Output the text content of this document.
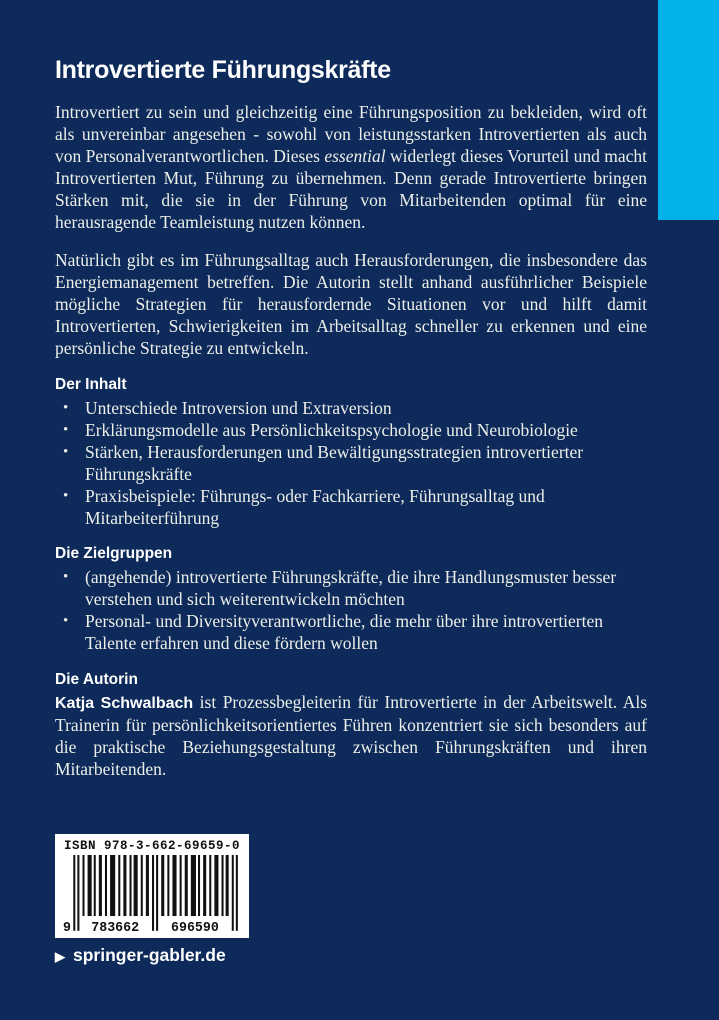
Introvertierte Führungskräfte

Introvertiert zu sein und gleichzeitig eine Führungsposition zu bekleiden, wird oft als unvereinbar angesehen - sowohl von leistungsstarken Introvertierten als auch von Personalverantwortlichen. Dieses essential widerlegt dieses Vorurteil und macht Introvertierten Mut, Führung zu übernehmen. Denn gerade Introvertierte bringen Stärken mit, die sie in der Führung von Mitarbeitenden optimal für eine herausragende Teamleistung nutzen können.

Natürlich gibt es im Führungsalltag auch Herausforderungen, die insbesondere das Energiemanagement betreffen. Die Autorin stellt anhand ausführlicher Beispiele mögliche Strategien für herausfordernde Situationen vor und hilft damit Introvertierten, Schwierigkeiten im Arbeitsalltag schneller zu erkennen und eine persönliche Strategie zu entwickeln.

Der Inhalt
• Unterschiede Introversion und Extraversion
• Erklärungsmodelle aus Persönlichkeitspsychologie und Neurobiologie
• Stärken, Herausforderungen und Bewältigungsstrategien introvertierter Führungskräfte
• Praxisbeispiele: Führungs- oder Fachkarriere, Führungsalltag und Mitarbeiterführung
Die Zielgruppen
• (angehende) introvertierte Führungskräfte, die ihre Handlungsmuster besser verstehen und sich weiterentwickeln möchten
• Personal- und Diversityverantwortliche, die mehr über ihre introvertierten Talente erfahren und diese fördern wollen
Die Autorin

Katja Schwalbach ist Prozessbegleiterin für Introvertierte in der Arbeitswelt. Als Trainerin für persönlichkeitsorientiertes Führen konzentriert sie sich besonders auf die praktische Beziehungsgestaltung zwischen Führungskräften und ihren Mitarbeitenden.

ISBN 978-3-662-69659-0
9 783662 696590
▶ springer-gabler.de
